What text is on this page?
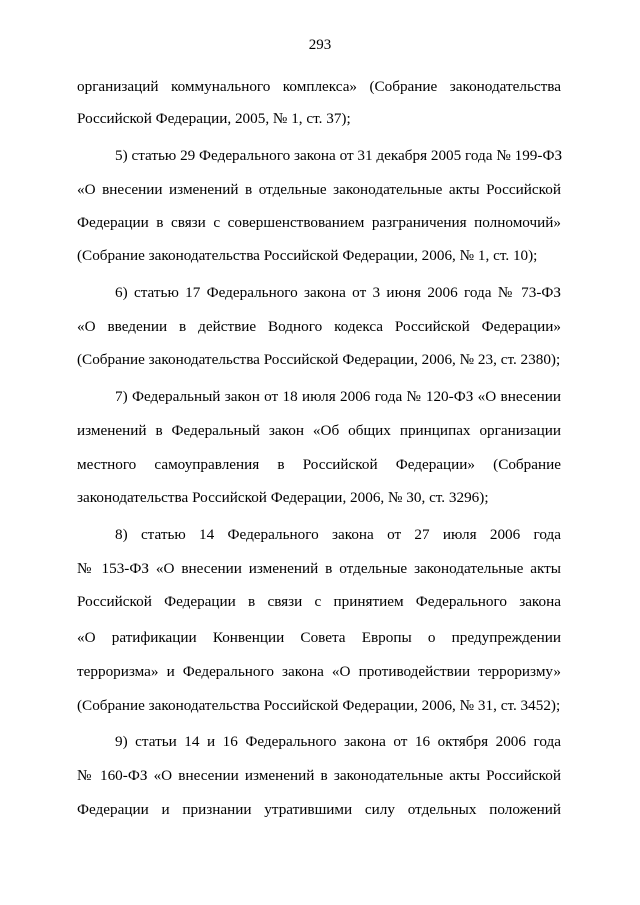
293
организаций коммунального комплекса» (Собрание законодательства
Российской Федерации, 2005, № 1, ст. 37);
5) статью 29 Федерального закона от 31 декабря 2005 года № 199-ФЗ
«О внесении изменений в отдельные законодательные акты Российской
Федерации в связи с совершенствованием разграничения полномочий»
(Собрание законодательства Российской Федерации, 2006, № 1, ст. 10);
6) статью 17 Федерального закона от 3 июня 2006 года № 73-ФЗ
«О введении в действие Водного кодекса Российской Федерации»
(Собрание законодательства Российской Федерации, 2006, № 23, ст. 2380);
7) Федеральный закон от 18 июля 2006 года № 120-ФЗ «О внесении
изменений в Федеральный закон «Об общих принципах организации
местного самоуправления в Российской Федерации» (Собрание
законодательства Российской Федерации, 2006, № 30, ст. 3296);
8) статью 14 Федерального закона от 27 июля 2006 года
№ 153-ФЗ «О внесении изменений в отдельные законодательные акты
Российской Федерации в связи с принятием Федерального закона
«О ратификации Конвенции Совета Европы о предупреждении
терроризма» и Федерального закона «О противодействии терроризму»
(Собрание законодательства Российской Федерации, 2006, № 31, ст. 3452);
9) статьи 14 и 16 Федерального закона от 16 октября 2006 года
№ 160-ФЗ «О внесении изменений в законодательные акты Российской
Федерации и признании утратившими силу отдельных положений
